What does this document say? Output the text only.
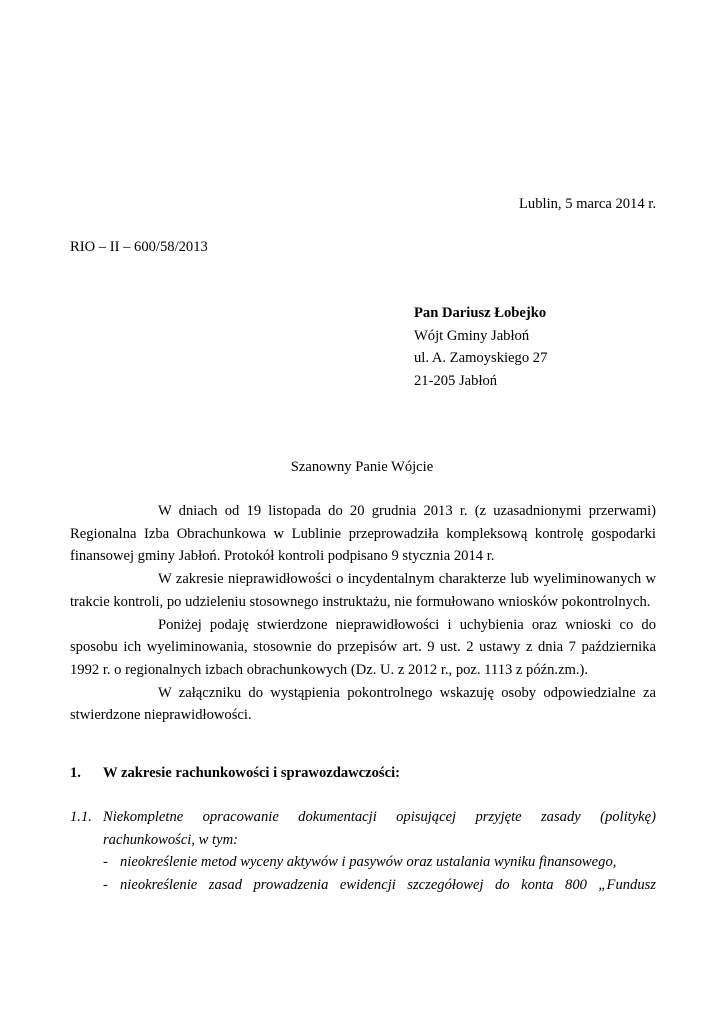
Lublin, 5 marca 2014 r.
RIO – II – 600/58/2013
Pan Dariusz Łobejko
Wójt Gminy Jabłoń
ul. A. Zamoyskiego 27
21-205 Jabłoń
Szanowny Panie Wójcie

W dniach od 19 listopada do 20 grudnia 2013 r. (z uzasadnionymi przerwami) Regionalna Izba Obrachunkowa w Lublinie przeprowadziła kompleksową kontrolę gospodarki finansowej gminy Jabłoń. Protokół kontroli podpisano 9 stycznia 2014 r.

W zakresie nieprawidłowości o incydentalnym charakterze lub wyeliminowanych w trakcie kontroli, po udzieleniu stosownego instruktażu, nie formułowano wniosków pokontrolnych.

Poniżej podaję stwierdzone nieprawidłowości i uchybienia oraz wnioski co do sposobu ich wyeliminowania, stosownie do przepisów art. 9 ust. 2 ustawy z dnia 7 października 1992 r. o regionalnych izbach obrachunkowych (Dz. U. z 2012 r., poz. 1113 z późn.zm.).

W załączniku do wystąpienia pokontrolnego wskazuję osoby odpowiedzialne za stwierdzone nieprawidłowości.

1. W zakresie rachunkowości i sprawozdawczości:
1.1. Niekompletne opracowanie dokumentacji opisującej przyjęte zasady (politykę) rachunkowości, w tym:
- nieokreślenie metod wyceny aktywów i pasywów oraz ustalania wyniku finansowego,
- nieokreślenie zasad prowadzenia ewidencji szczegółowej do konta 800 „Fundusz
